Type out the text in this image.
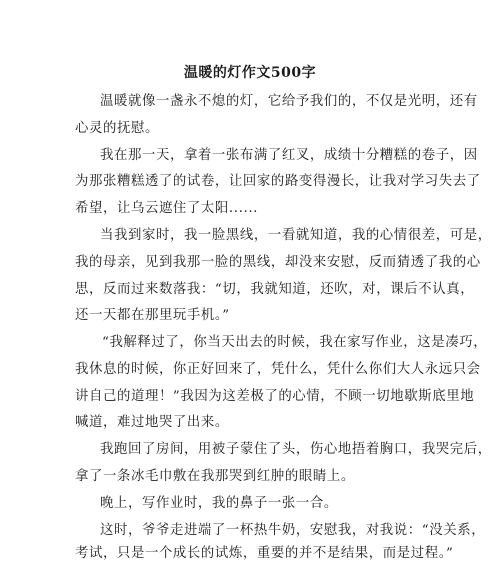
温暖的灯作文500字
温暖就像一盏永不熄的灯，它给予我们的，不仅是光明，还有
心灵的抚慰。
我在那一天，拿着一张布满了红叉，成绩十分糟糕的卷子，因
为那张糟糕透了的试卷，让回家的路变得漫长，让我对学习失去了
希望，让乌云遮住了太阳......
当我到家时，我一脸黑线，一看就知道，我的心情很差，可是，
我的母亲，见到我那一脸的黑线，却没来安慰，反而猜透了我的心
思，反而过来数落我：“切，我就知道，还吹，对，课后不认真，
还一天都在那里玩手机。”
“我解释过了，你当天出去的时候，我在家写作业，这是凑巧，
我休息的时候，你正好回来了，凭什么，凭什么你们大人永远只会
讲自己的道理！”我因为这差极了的心情，不顾一切地歇斯底里地
喊道，难过地哭了出来。
我跑回了房间，用被子蒙住了头，伤心地捂着胸口，我哭完后，
拿了一条冰毛巾敷在我那哭到红肿的眼睛上。
晚上，写作业时，我的鼻子一张一合。
这时，爷爷走进端了一杯热牛奶，安慰我，对我说：“没关系，
考试，只是一个成长的试炼，重要的并不是结果，而是过程。”
